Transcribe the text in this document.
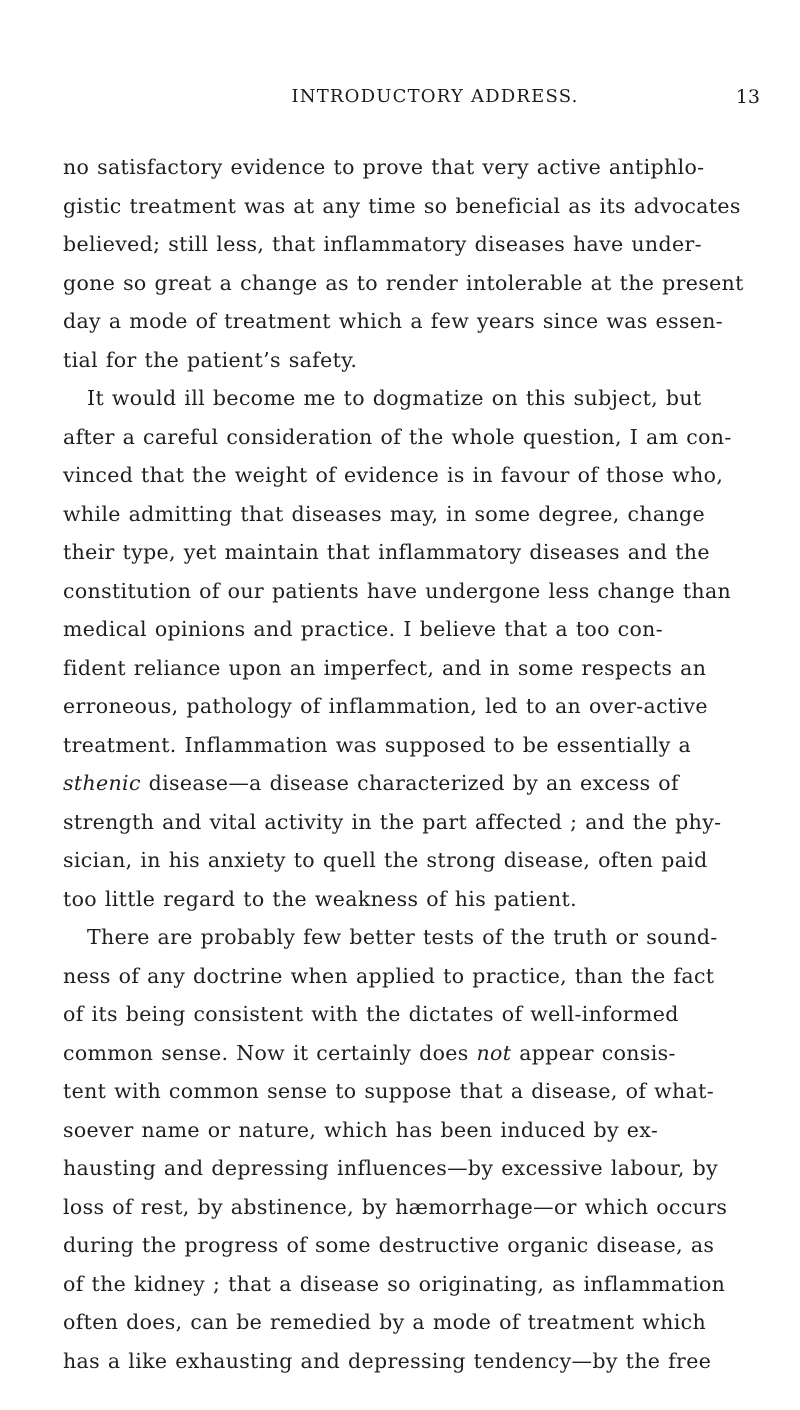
INTRODUCTORY ADDRESS.	13
no satisfactory evidence to prove that very active antiphlo-
gistic treatment was at any time so beneficial as its advocates
believed; still less, that inflammatory diseases have under-
gone so great a change as to render intolerable at the present
day a mode of treatment which a few years since was essen-
tial for the patient’s safety.
It would ill become me to dogmatize on this subject, but
after a careful consideration of the whole question, I am con-
vinced that the weight of evidence is in favour of those who,
while admitting that diseases may, in some degree, change
their type, yet maintain that inflammatory diseases and the
constitution of our patients have undergone less change than
medical opinions and practice. I believe that a too con-
fident reliance upon an imperfect, and in some respects an
erroneous, pathology of inflammation, led to an over-active
treatment. Inflammation was supposed to be essentially a
sthenic disease—a disease characterized by an excess of
strength and vital activity in the part affected ; and the phy-
sician, in his anxiety to quell the strong disease, often paid
too little regard to the weakness of his patient.
There are probably few better tests of the truth or sound-
ness of any doctrine when applied to practice, than the fact
of its being consistent with the dictates of well-informed
common sense. Now it certainly does not appear consis-
tent with common sense to suppose that a disease, of what-
soever name or nature, which has been induced by ex-
hausting and depressing influences—by excessive labour, by
loss of rest, by abstinence, by hæmorrhage—or which occurs
during the progress of some destructive organic disease, as
of the kidney ; that a disease so originating, as inflammation
often does, can be remedied by a mode of treatment which
has a like exhausting and depressing tendency—by the free
